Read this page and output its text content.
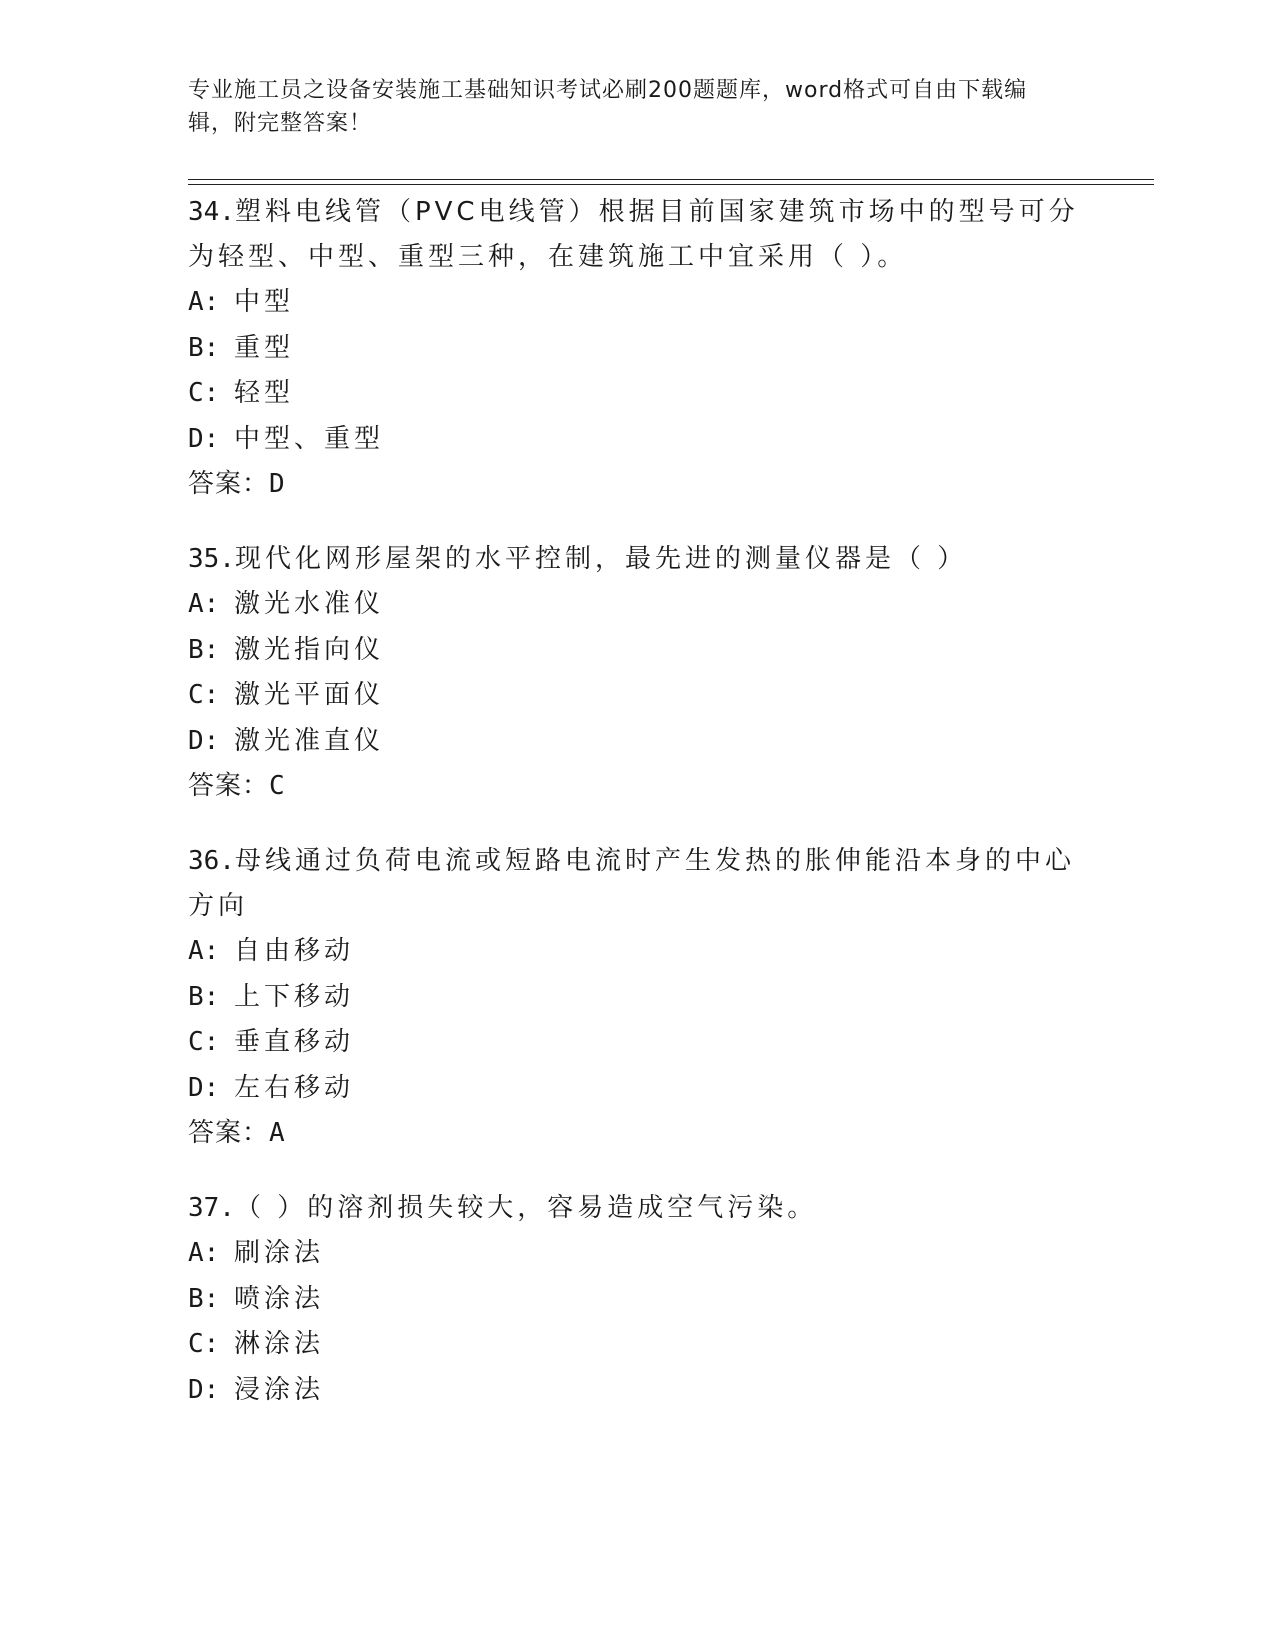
专业施工员之设备安装施工基础知识考试必刷200题题库，word格式可自由下载编辑，附完整答案！
34.塑料电线管（PVC电线管）根据目前国家建筑市场中的型号可分为轻型、中型、重型三种，在建筑施工中宜采用（ ）。
A: 中型
B: 重型
C: 轻型
D: 中型、重型
答案：D
35.现代化网形屋架的水平控制，最先进的测量仪器是（ ）
A: 激光水准仪
B: 激光指向仪
C: 激光平面仪
D: 激光准直仪
答案：C
36.母线通过负荷电流或短路电流时产生发热的胀伸能沿本身的中心方向
A: 自由移动
B: 上下移动
C: 垂直移动
D: 左右移动
答案：A
37.（ ）的溶剂损失较大，容易造成空气污染。
A: 刷涂法
B: 喷涂法
C: 淋涂法
D: 浸涂法
